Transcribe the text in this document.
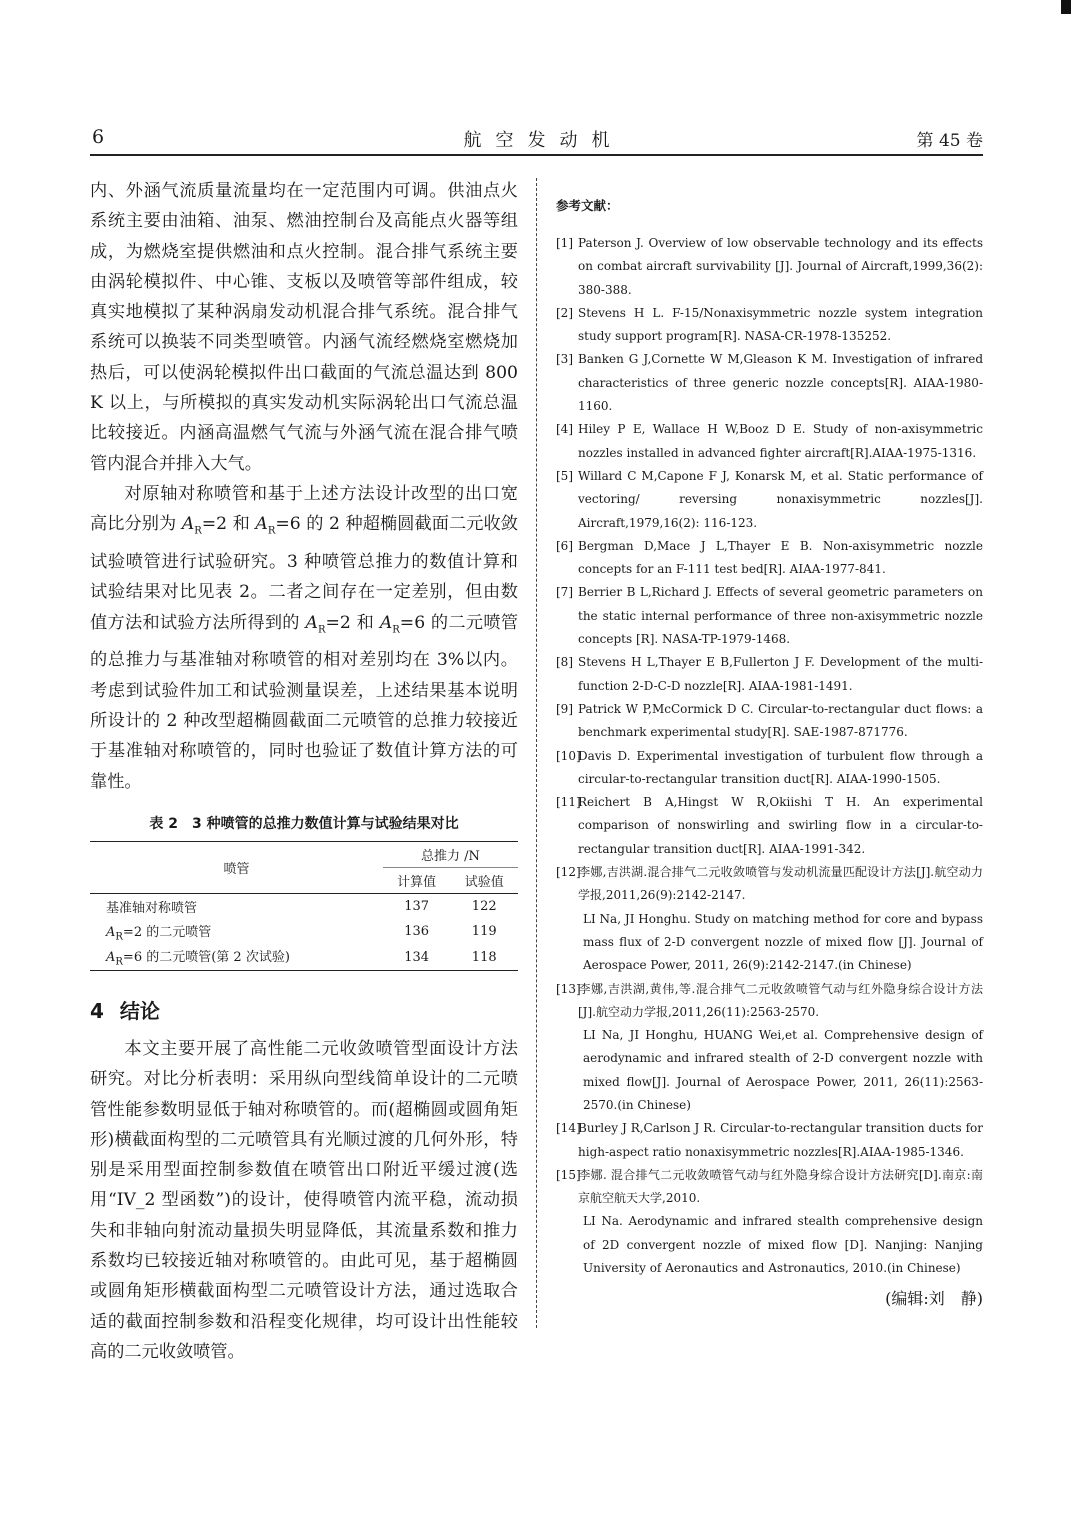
6	航空发动机	第 45 卷

内、外涵气流质量流量均在一定范围内可调。供油点火系统主要由油箱、油泵、燃油控制台及高能点火器等组成，为燃烧室提供燃油和点火控制。混合排气系统主要由涡轮模拟件、中心锥、支板以及喷管等部件组成，较真实地模拟了某种涡扇发动机混合排气系统。混合排气系统可以换装不同类型喷管。内涵气流经燃烧室燃烧加热后，可以使涡轮模拟件出口截面的气流总温达到 800 K 以上，与所模拟的真实发动机实际涡轮出口气流总温比较接近。内涵高温燃气气流与外涵气流在混合排气喷管内混合并排入大气。

对原轴对称喷管和基于上述方法设计改型的出口宽高比分别为 $A_R=2$ 和 $A_R=6$ 的 2 种超椭圆截面二元收敛试验喷管进行试验研究。3 种喷管总推力的数值计算和试验结果对比见表 2。二者之间存在一定差别，但由数值方法和试验方法所得到的 $A_R=2$ 和 $A_R=6$ 的二元喷管的总推力与基准轴对称喷管的相对差别均在 3%以内。考虑到试验件加工和试验测量误差，上述结果基本说明所设计的 2 种改型超椭圆截面二元喷管的总推力较接近于基准轴对称喷管的，同时也验证了数值计算方法的可靠性。

表 2　3 种喷管的总推力数值计算与试验结果对比
喷管	总推力 /N	
	计算值	试验值
基准轴对称喷管	137	122
$A_R=2$ 的二元喷管	136	119
$A_R=6$ 的二元喷管(第 2 次试验)	134	118
4 结论

本文主要开展了高性能二元收敛喷管型面设计方法研究。对比分析表明：采用纵向型线简单设计的二元喷管性能参数明显低于轴对称喷管的。而(超椭圆或圆角矩形)横截面构型的二元喷管具有光顺过渡的几何外形，特别是采用型面控制参数值在喷管出口附近平缓过渡(选用“IV_2 型函数”)的设计，使得喷管内流平稳，流动损失和非轴向射流动量损失明显降低，其流量系数和推力系数均已较接近轴对称喷管的。由此可见，基于超椭圆或圆角矩形横截面构型二元喷管设计方法，通过选取合适的截面控制参数和沿程变化规律，均可设计出性能较高的二元收敛喷管。

参考文献：

[1] Paterson J. Overview of low observable technology and its effects on combat aircraft survivability [J]. Journal of Aircraft,1999,36(2): 380-388.

[2] Stevens H L. F-15/Nonaxisymmetric nozzle system integration study support program[R]. NASA-CR-1978-135252.

[3] Banken G J,Cornette W M,Gleason K M. Investigation of infrared characteristics of three generic nozzle concepts[R]. AIAA-1980-1160.

[4] Hiley P E, Wallace H W,Booz D E. Study of non-axisymmetric nozzles installed in advanced fighter aircraft[R].AIAA-1975-1316.

[5] Willard C M,Capone F J, Konarsk M, et al. Static performance of vectoring/ reversing nonaxisymmetric nozzles[J]. Aircraft,1979,16(2): 116-123.

[6] Bergman D,Mace J L,Thayer E B. Non-axisymmetric nozzle concepts for an F-111 test bed[R]. AIAA-1977-841.

[7] Berrier B L,Richard J. Effects of several geometric parameters on the static internal performance of three non-axisymmetric nozzle concepts [R]. NASA-TP-1979-1468.

[8] Stevens H L,Thayer E B,Fullerton J F. Development of the multi-function 2-D-C-D nozzle[R]. AIAA-1981-1491.

[9] Patrick W P,McCormick D C. Circular-to-rectangular duct flows: a benchmark experimental study[R]. SAE-1987-871776.

[10]Davis D. Experimental investigation of turbulent flow through a circular-to-rectangular transition duct[R]. AIAA-1990-1505.

[11]Reichert B A,Hingst W R,Okiishi T H. An experimental comparison of nonswirling and swirling flow in a circular-to-rectangular transition duct[R]. AIAA-1991-342.

[12]李娜,吉洪湖.混合排气二元收敛喷管与发动机流量匹配设计方法[J].航空动力学报,2011,26(9):2142-2147.
LI Na, JI Honghu. Study on matching method for core and bypass mass flux of 2-D convergent nozzle of mixed flow [J]. Journal of Aerospace Power, 2011, 26(9):2142-2147.(in Chinese)

[13]李娜,吉洪湖,黄伟,等.混合排气二元收敛喷管气动与红外隐身综合设计方法[J].航空动力学报,2011,26(11):2563-2570.
LI Na, JI Honghu, HUANG Wei,et al. Comprehensive design of aerodynamic and infrared stealth of 2-D convergent nozzle with mixed flow[J]. Journal of Aerospace Power, 2011, 26(11):2563-2570.(in Chinese)

[14]Burley J R,Carlson J R. Circular-to-rectangular transition ducts for high-aspect ratio nonaxisymmetric nozzles[R].AIAA-1985-1346.

[15]李娜. 混合排气二元收敛喷管气动与红外隐身综合设计方法研究[D].南京:南京航空航天大学,2010.
LI Na. Aerodynamic and infrared stealth comprehensive design of 2D convergent nozzle of mixed flow [D]. Nanjing: Nanjing University of Aeronautics and Astronautics, 2010.(in Chinese)

(编辑:刘　静)
